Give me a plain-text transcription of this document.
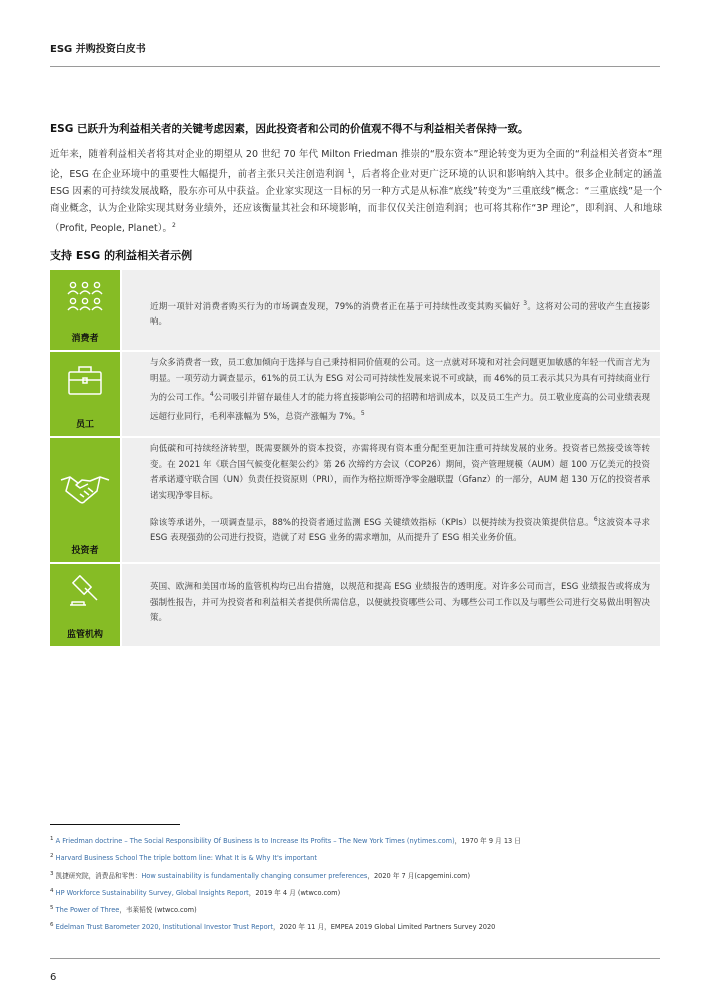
ESG 并购投资白皮书
ESG 已跃升为利益相关者的关键考虑因素，因此投资者和公司的价值观不得不与利益相关者保持一致。
近年来，随着利益相关者将其对企业的期望从 20 世纪 70 年代 Milton Friedman 推崇的“股东资本”理论转变为更为全面的“利益相关者资本”理论，ESG 在企业环境中的重要性大幅提升，前者主张只关注创造利润 $^1$，后者将企业对更广泛环境的认识和影响纳入其中。很多企业制定的涵盖 ESG 因素的可持续发展战略，股东亦可从中获益。企业家实现这一目标的另一种方式是从标准“底线”转变为“三重底线”概念：“三重底线”是一个商业概念，认为企业除实现其财务业绩外，还应该衡量其社会和环境影响，而非仅仅关注创造利润；也可将其称作“3P 理论”，即利润、人和地球（Profit, People, Planet）。$^2$
支持 ESG 的利益相关者示例
消费者
近期一项针对消费者购买行为的市场调查发现，79%的消费者正在基于可持续性改变其购买偏好 $^3$。这将对公司的营收产生直接影响。
员工
与众多消费者一致，员工愈加倾向于选择与自己秉持相同价值观的公司。这一点就对环境和对社会问题更加敏感的年轻一代而言尤为明显。一项劳动力调查显示，61%的员工认为 ESG 对公司可持续性发展来说不可或缺，而 46%的员工表示其只为具有可持续商业行为的公司工作。$^4$公司吸引并留存最佳人才的能力将直接影响公司的招聘和培训成本，以及员工生产力。员工敬业度高的公司业绩表现远超行业同行，毛利率涨幅为 5%，总资产涨幅为 7%。$^5$
投资者
向低碳和可持续经济转型，既需要额外的资本投资，亦需将现有资本重分配至更加注重可持续发展的业务。投资者已然接受该等转变。在 2021 年《联合国气候变化框架公约》第 26 次缔约方会议（COP26）期间，资产管理规模（AUM）超 100 万亿美元的投资者承诺遵守联合国（UN）负责任投资原则（PRI），而作为格拉斯哥净零金融联盟（Gfanz）的一部分，AUM 超 130 万亿的投资者承诺实现净零目标。
除该等承诺外，一项调查显示，88%的投资者通过监测 ESG 关键绩效指标（KPIs）以便持续为投资决策提供信息。$^6$这波资本寻求 ESG 表现强劲的公司进行投资，造就了对 ESG 业务的需求增加，从而提升了 ESG 相关业务价值。
监管机构
英国、欧洲和美国市场的监管机构均已出台措施，以规范和提高 ESG 业绩报告的透明度。对许多公司而言，ESG 业绩报告或将成为强制性报告，并可为投资者和利益相关者提供所需信息，以便就投资哪些公司、为哪些公司工作以及与哪些公司进行交易做出明智决策。
$^1$ A Friedman doctrine – The Social Responsibility Of Business Is to Increase Its Profits – The New York Times (nytimes.com)，1970 年 9 月 13 日
$^2$ Harvard Business School The triple bottom line: What It is & Why It's important
$^3$ 凯捷研究院，消费品和零售：How sustainability is fundamentally changing consumer preferences，2020 年 7 月(capgemini.com)
$^4$ HP Workforce Sustainability Survey, Global Insights Report，2019 年 4 月 (wtwco.com)
$^5$ The Power of Three，韦莱韬悦 (wtwco.com)
$^6$ Edelman Trust Barometer 2020, Institutional Investor Trust Report，2020 年 11 月，EMPEA 2019 Global Limited Partners Survey 2020
6
